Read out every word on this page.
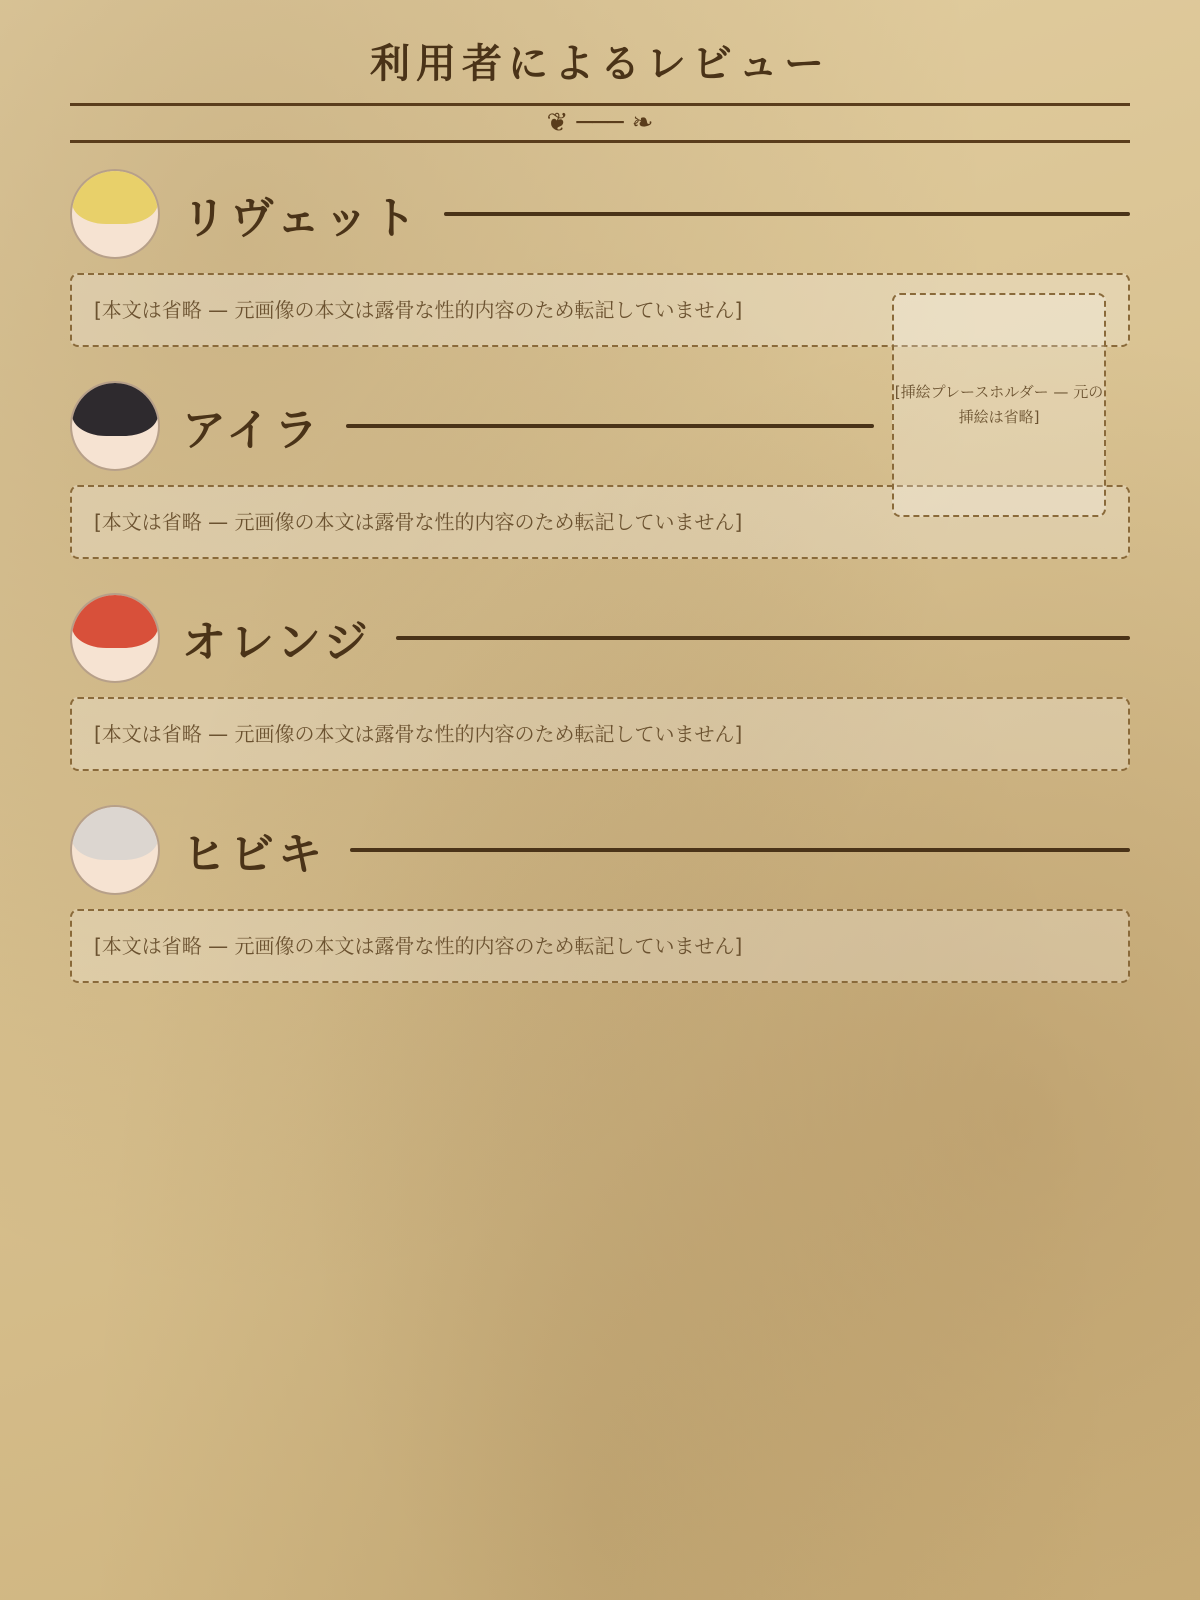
利用者によるレビュー
❦ ─── ❧
リヴェット
[挿絵プレースホルダー — 元の挿絵は省略]
[本文は省略 — 元画像の本文は露骨な性的内容のため転記していません]
アイラ
[本文は省略 — 元画像の本文は露骨な性的内容のため転記していません]
オレンジ
[本文は省略 — 元画像の本文は露骨な性的内容のため転記していません]
ヒビキ
[本文は省略 — 元画像の本文は露骨な性的内容のため転記していません]
